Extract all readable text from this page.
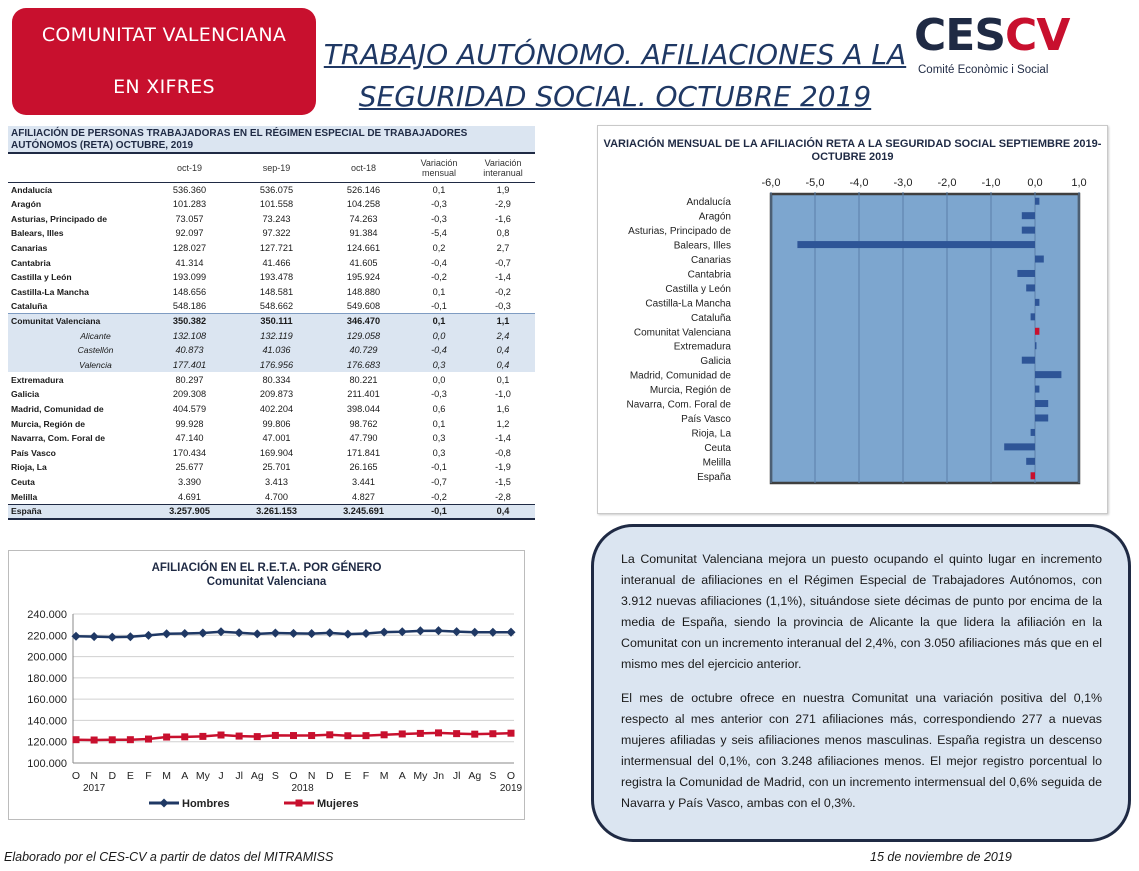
COMUNITAT VALENCIANA
EN XIFRES
TRABAJO AUTÓNOMO. AFILIACIONES A LA
SEGURIDAD SOCIAL. OCTUBRE 2019
CESCV
Comité Econòmic i Social
AFILIACIÓN DE PERSONAS TRABAJADORAS EN EL RÉGIMEN ESPECIAL DE TRABAJADORES AUTÓNOMOS (RETA) OCTUBRE, 2019
	oct-19	sep-19	oct-18	Variación mensual	Variación interanual
Andalucía	536.360	536.075	526.146	0,1	1,9
Aragón	101.283	101.558	104.258	-0,3	-2,9
Asturias, Principado de	73.057	73.243	74.263	-0,3	-1,6
Balears, Illes	92.097	97.322	91.384	-5,4	0,8
Canarias	128.027	127.721	124.661	0,2	2,7
Cantabria	41.314	41.466	41.605	-0,4	-0,7
Castilla y León	193.099	193.478	195.924	-0,2	-1,4
Castilla-La Mancha	148.656	148.581	148.880	0,1	-0,2
Cataluña	548.186	548.662	549.608	-0,1	-0,3
Comunitat Valenciana	350.382	350.111	346.470	0,1	1,1
Alicante	132.108	132.119	129.058	0,0	2,4
Castellón	40.873	41.036	40.729	-0,4	0,4
Valencia	177.401	176.956	176.683	0,3	0,4
Extremadura	80.297	80.334	80.221	0,0	0,1
Galicia	209.308	209.873	211.401	-0,3	-1,0
Madrid, Comunidad de	404.579	402.204	398.044	0,6	1,6
Murcia, Región de	99.928	99.806	98.762	0,1	1,2
Navarra, Com. Foral de	47.140	47.001	47.790	0,3	-1,4
País Vasco	170.434	169.904	171.841	0,3	-0,8
Rioja, La	25.677	25.701	26.165	-0,1	-1,9
Ceuta	3.390	3.413	3.441	-0,7	-1,5
Melilla	4.691	4.700	4.827	-0,2	-2,8
España	3.257.905	3.261.153	3.245.691	-0,1	0,4
VARIACIÓN MENSUAL DE LA AFILIACIÓN RETA A LA SEGURIDAD SOCIAL SEPTIEMBRE 2019-OCTUBRE 2019
-6,0 -5,0 -4,0 -3,0 -2,0 -1,0 0,0	1,0
Andalucía
Aragón
Asturias, Principado de
Balears, Illes
Canarias
Cantabria
Castilla y León
Castilla-La Mancha
Cataluña
Comunitat Valenciana
Extremadura
Galicia
Madrid, Comunidad de
Murcia, Región de
Navarra, Com. Foral de
País Vasco
Rioja, La
Ceuta
Melilla
España
AFILIACIÓN EN EL R.E.T.A. POR GÉNERO
Comunitat Valenciana
100.000
120.000
140.000
160.000
180.000
200.000
220.000
240.000
O N D E F M A My J Jl Ag S O N D E F M A My Jn Jl Ag S O
2017	2018	2019
Hombres	Mujeres

La Comunitat Valenciana mejora un puesto ocupando el quinto lugar en incremento interanual de afiliaciones en el Régimen Especial de Trabajadores Autónomos, con 3.912 nuevas afiliaciones (1,1%), situándose siete décimas de punto por encima de la media de España, siendo la provincia de Alicante la que lidera la afiliación en la Comunitat con un incremento interanual del 2,4%, con 3.050 afiliaciones más que en el mismo mes del ejercicio anterior.

El mes de octubre ofrece en nuestra Comunitat una variación positiva del 0,1% respecto al mes anterior con 271 afiliaciones más, correspondiendo 277 a nuevas mujeres afiliadas y seis afiliaciones menos masculinas. España registra un descenso intermensual del 0,1%, con 3.248 afiliaciones menos. El mejor registro porcentual lo registra la Comunidad de Madrid, con un incremento intermensual del 0,6% seguida de Navarra y País Vasco, ambas con el 0,3%.

Elaborado por el CES-CV a partir de datos del MITRAMISS	15 de noviembre de 2019
